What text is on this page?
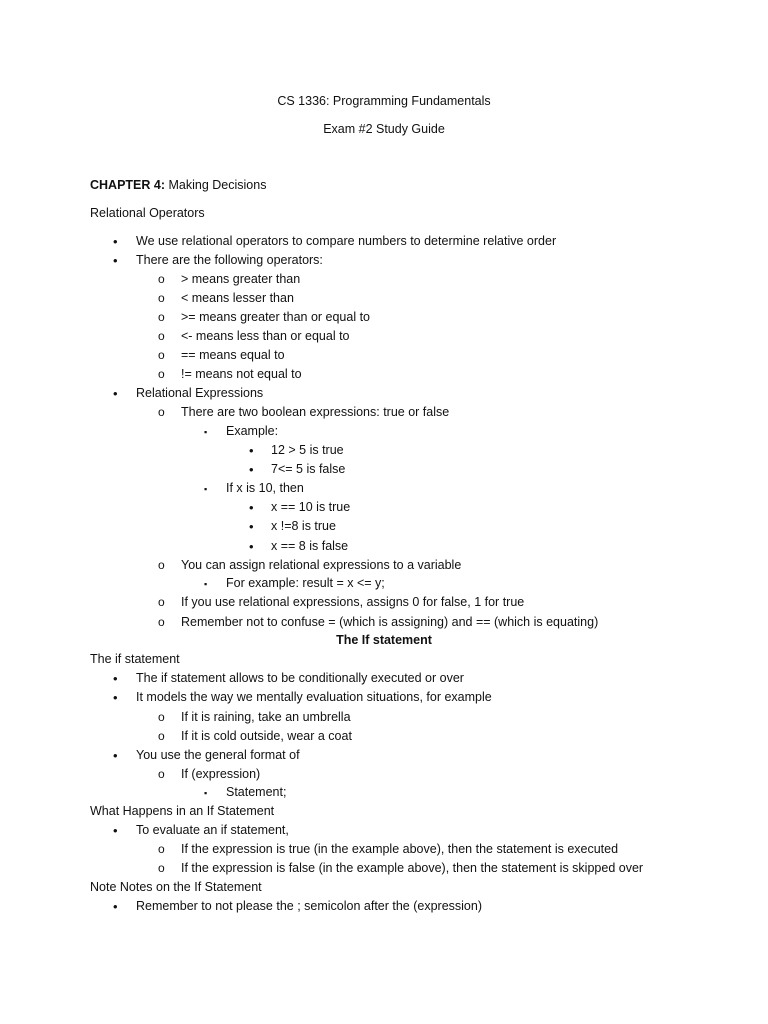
CS 1336: Programming Fundamentals
Exam #2 Study Guide
CHAPTER 4: Making Decisions
Relational Operators
• We use relational operators to compare numbers to determine relative order
• There are the following operators:
o > means greater than
o < means lesser than
o >= means greater than or equal to
o <- means less than or equal to
o == means equal to
o != means not equal to
• Relational Expressions
o There are two boolean expressions: true or false
▪ Example:
• 12 > 5 is true
• 7<= 5 is false
▪ If x is 10, then
• x == 10 is true
• x !=8 is true
• x == 8 is false
o You can assign relational expressions to a variable
▪ For example: result = x <= y;
o If you use relational expressions, assigns 0 for false, 1 for true
o Remember not to confuse = (which is assigning) and == (which is equating)
The If statement
The if statement
• The if statement allows to be conditionally executed or over
• It models the way we mentally evaluation situations, for example
o If it is raining, take an umbrella
o If it is cold outside, wear a coat
• You use the general format of
o If (expression)
▪ Statement;
What Happens in an If Statement
• To evaluate an if statement,
o If the expression is true (in the example above), then the statement is executed
o If the expression is false (in the example above), then the statement is skipped over
Note Notes on the If Statement
• Remember to not please the ; semicolon after the (expression)
